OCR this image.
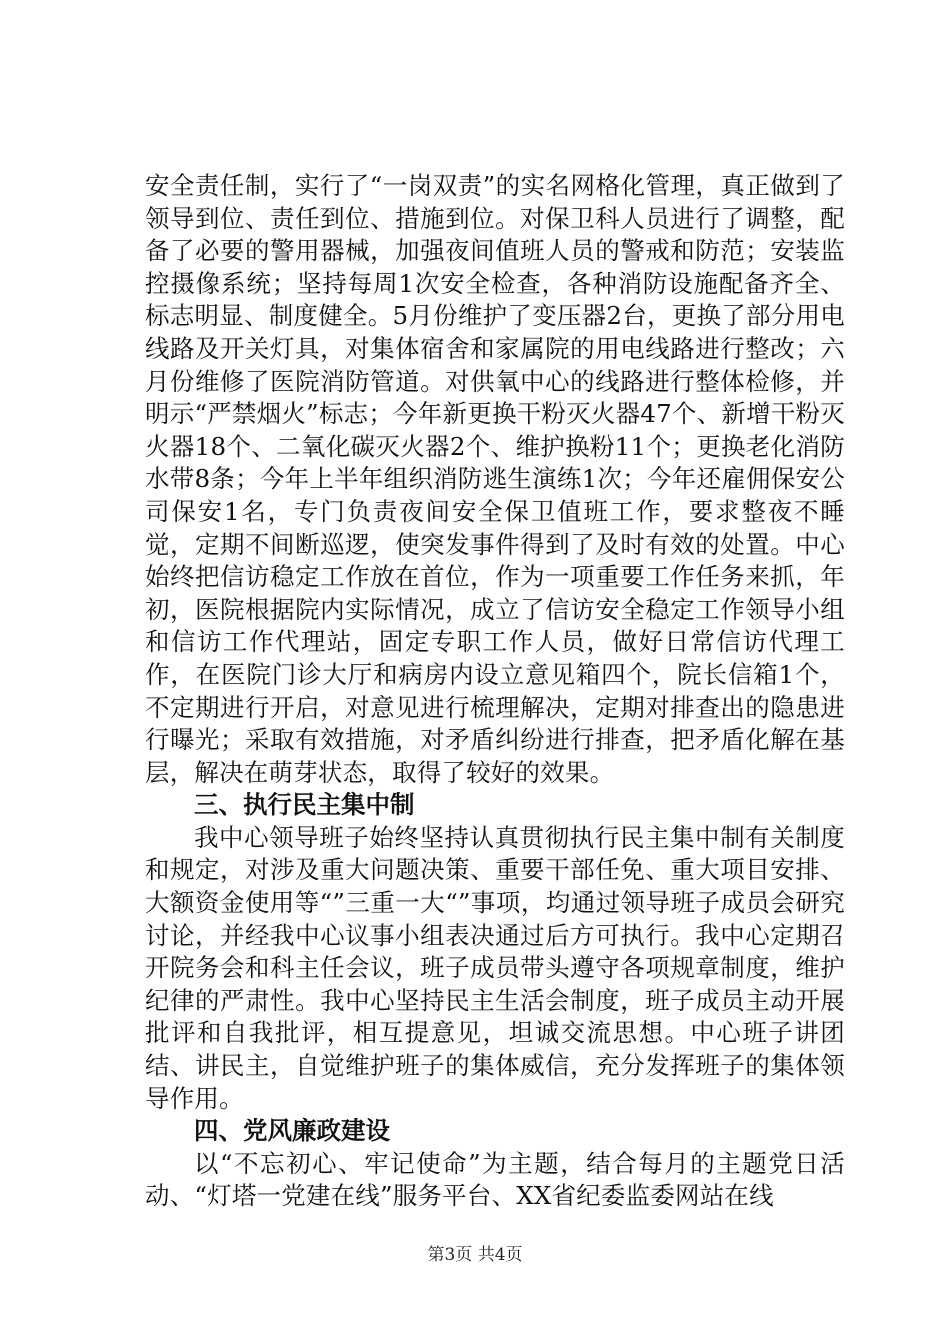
安全责任制，实行了“一岗双责”的实名网格化管理，真正做到了领导到位、责任到位、措施到位。对保卫科人员进行了调整，配备了必要的警用器械，加强夜间值班人员的警戒和防范；安装监控摄像系统；坚持每周1次安全检查，各种消防设施配备齐全、标志明显、制度健全。5月份维护了变压器2台，更换了部分用电线路及开关灯具，对集体宿舍和家属院的用电线路进行整改；六月份维修了医院消防管道。对供氧中心的线路进行整体检修，并明示“严禁烟火”标志；今年新更换干粉灭火器47个、新增干粉灭火器18个、二氧化碳灭火器2个、维护换粉11个；更换老化消防水带8条；今年上半年组织消防逃生演练1次；今年还雇佣保安公司保安1名，专门负责夜间安全保卫值班工作，要求整夜不睡觉，定期不间断巡逻，使突发事件得到了及时有效的处置。中心始终把信访稳定工作放在首位，作为一项重要工作任务来抓，年初，医院根据院内实际情况，成立了信访安全稳定工作领导小组和信访工作代理站，固定专职工作人员，做好日常信访代理工作，在医院门诊大厅和病房内设立意见箱四个，院长信箱1个，不定期进行开启，对意见进行梳理解决，定期对排查出的隐患进行曝光；采取有效措施，对矛盾纠纷进行排查，把矛盾化解在基层，解决在萌芽状态，取得了较好的效果。

三、执行民主集中制

我中心领导班子始终坚持认真贯彻执行民主集中制有关制度和规定，对涉及重大问题决策、重要干部任免、重大项目安排、大额资金使用等“”三重一大“”事项，均通过领导班子成员会研究讨论，并经我中心议事小组表决通过后方可执行。我中心定期召开院务会和科主任会议，班子成员带头遵守各项规章制度，维护纪律的严肃性。我中心坚持民主生活会制度，班子成员主动开展批评和自我批评，相互提意见，坦诚交流思想。中心班子讲团结、讲民主，自觉维护班子的集体威信，充分发挥班子的集体领导作用。

四、党风廉政建设

以“不忘初心、牢记使命”为主题，结合每月的主题党日活动、“灯塔一党建在线”服务平台、XX省纪委监委网站在线

第3页 共4页
